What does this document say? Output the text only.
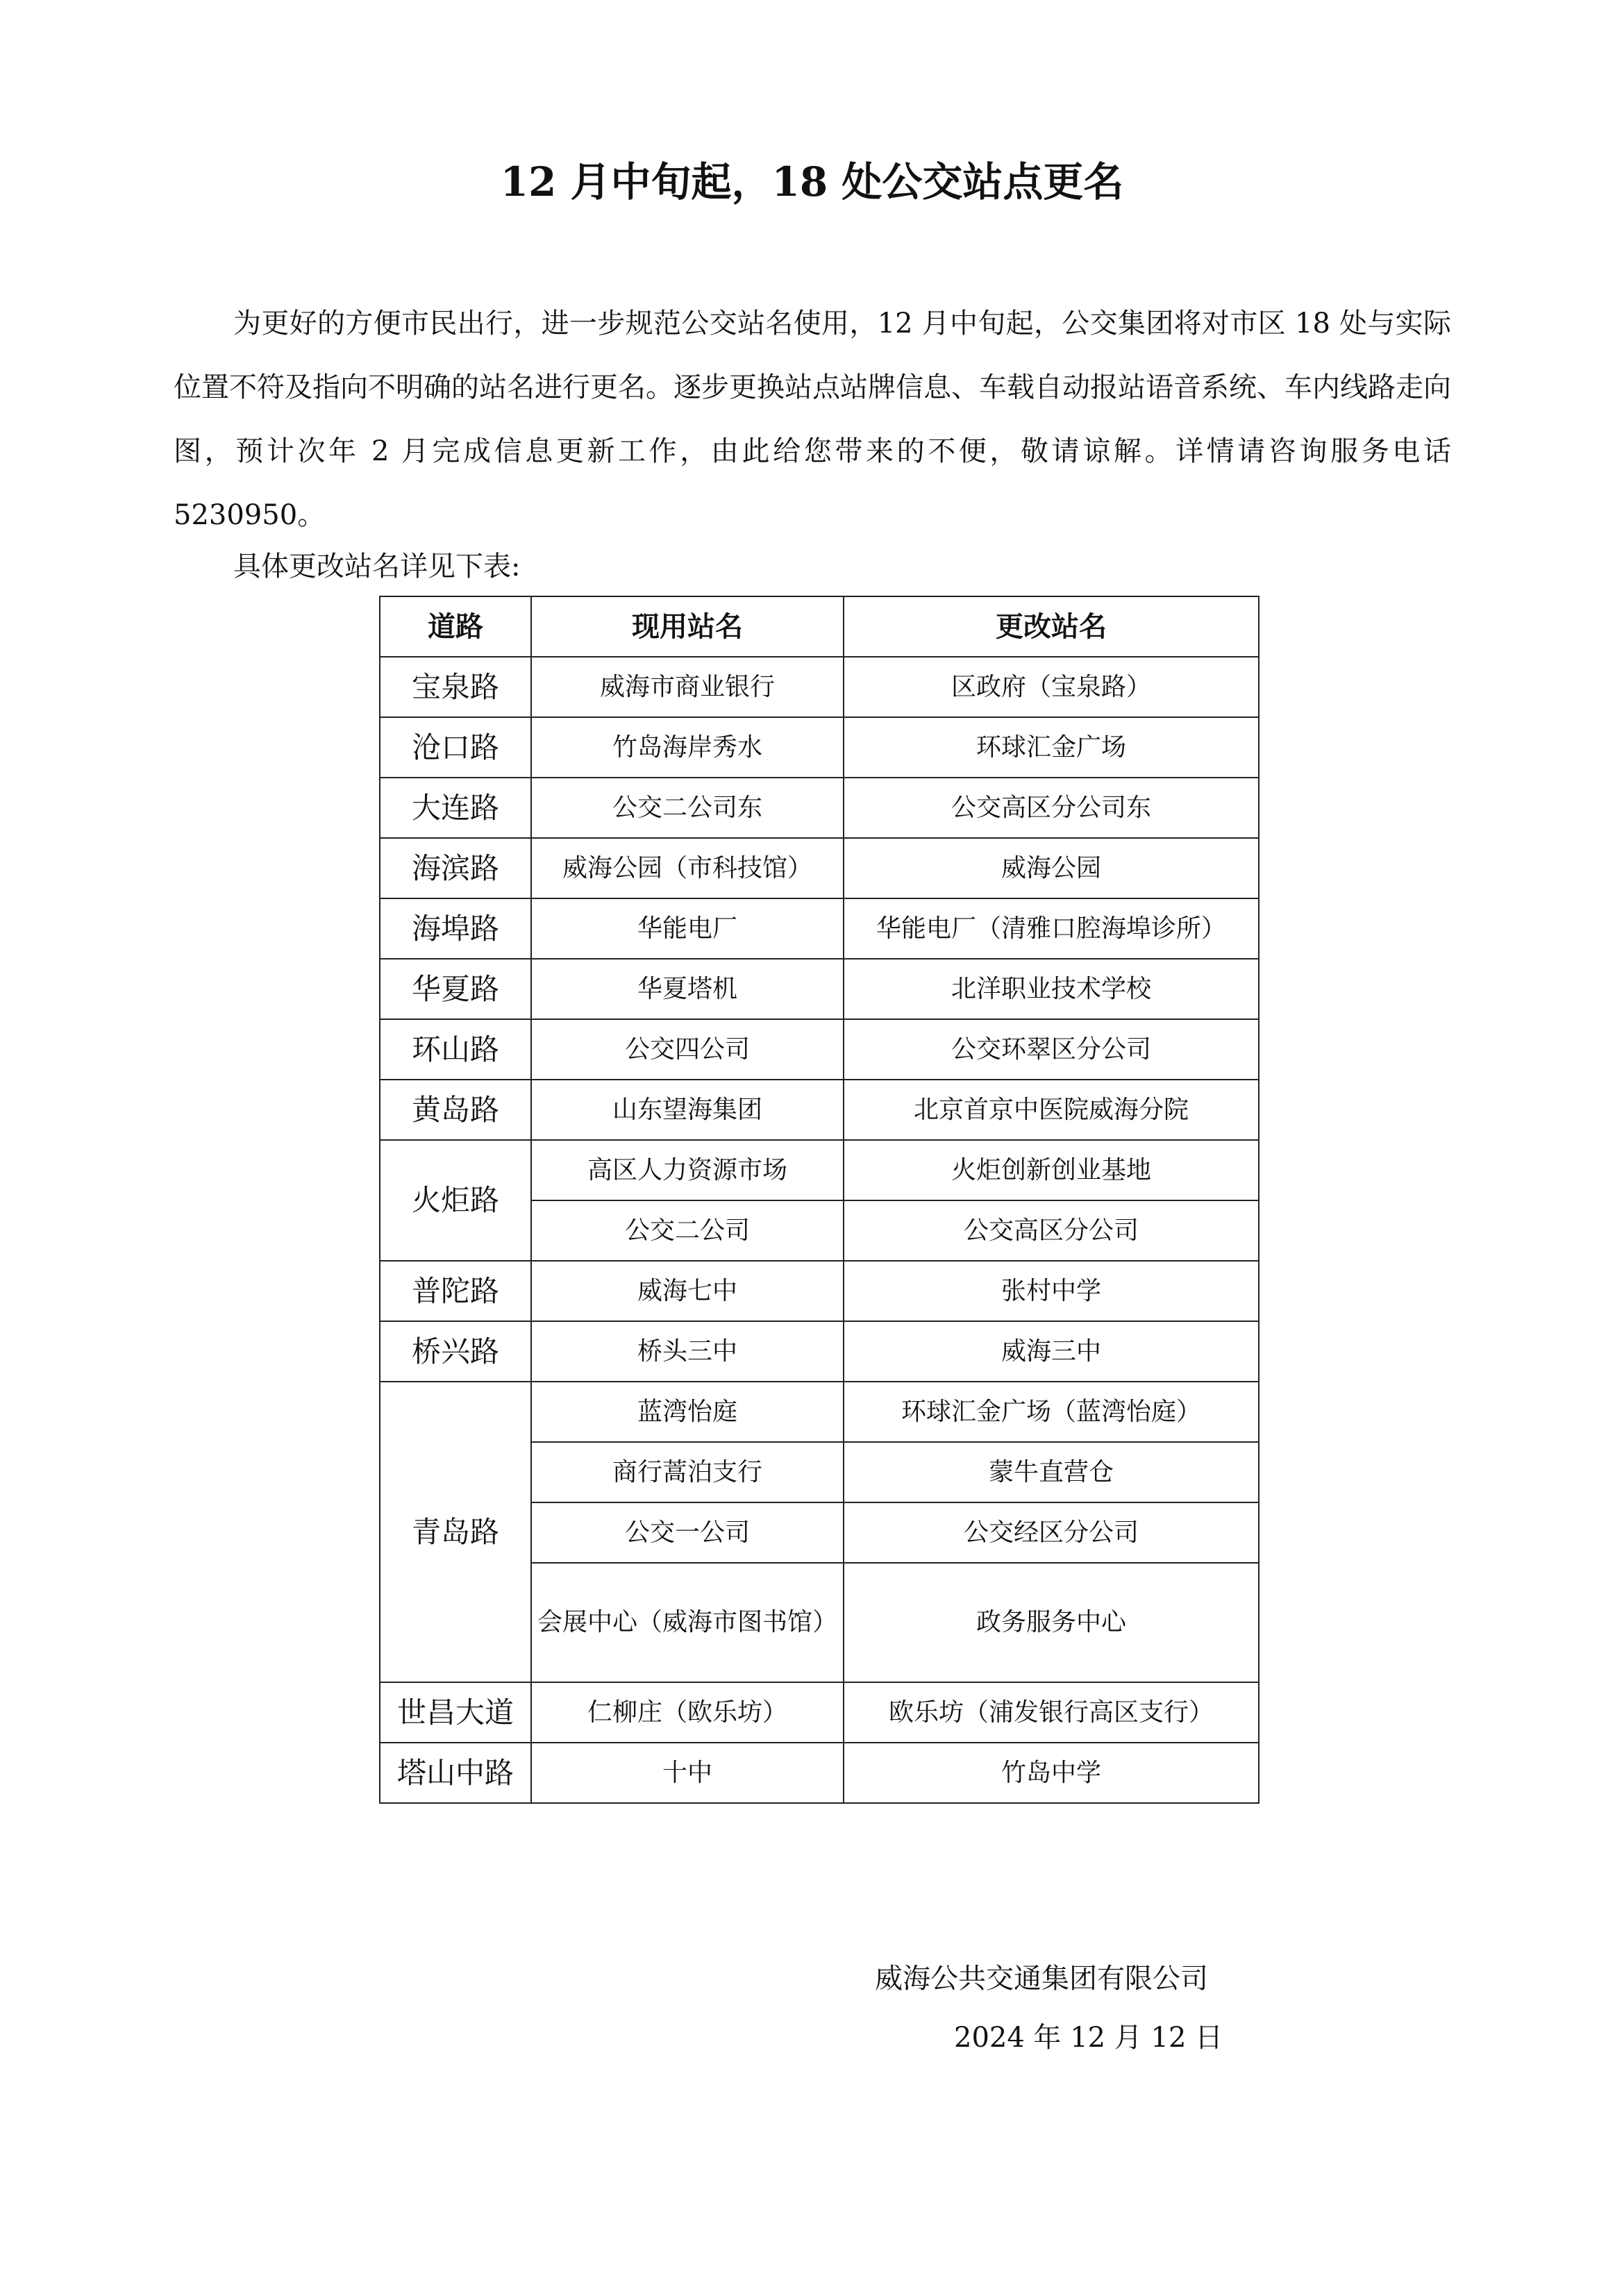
12 月中旬起，18 处公交站点更名

为更好的方便市民出行，进一步规范公交站名使用，12 月中旬起，公交集团将对市区 18 处与实际位置不符及指向不明确的站名进行更名。逐步更换站点站牌信息、车载自动报站语音系统、车内线路走向图，预计次年 2 月完成信息更新工作，由此给您带来的不便，敬请谅解。详情请咨询服务电话 5230950。

具体更改站名详见下表:

道路	现用站名	更改站名
宝泉路	威海市商业银行	区政府（宝泉路）
沧口路	竹岛海岸秀水	环球汇金广场
大连路	公交二公司东	公交高区分公司东
海滨路	威海公园（市科技馆）	威海公园
海埠路	华能电厂	华能电厂（清雅口腔海埠诊所）
华夏路	华夏塔机	北洋职业技术学校
环山路	公交四公司	公交环翠区分公司
黄岛路	山东望海集团	北京首京中医院威海分院
火炬路	高区人力资源市场	火炬创新创业基地
	公交二公司	公交高区分公司
普陀路	威海七中	张村中学
桥兴路	桥头三中	威海三中
青岛路	蓝湾怡庭	环球汇金广场（蓝湾怡庭）
	商行蒿泊支行	蒙牛直营仓
	公交一公司	公交经区分公司
	会展中心（威海市图书馆）	政务服务中心
世昌大道	仁柳庄（欧乐坊）	欧乐坊（浦发银行高区支行）
塔山中路	十中	竹岛中学
威海公共交通集团有限公司
2024 年 12 月 12 日
